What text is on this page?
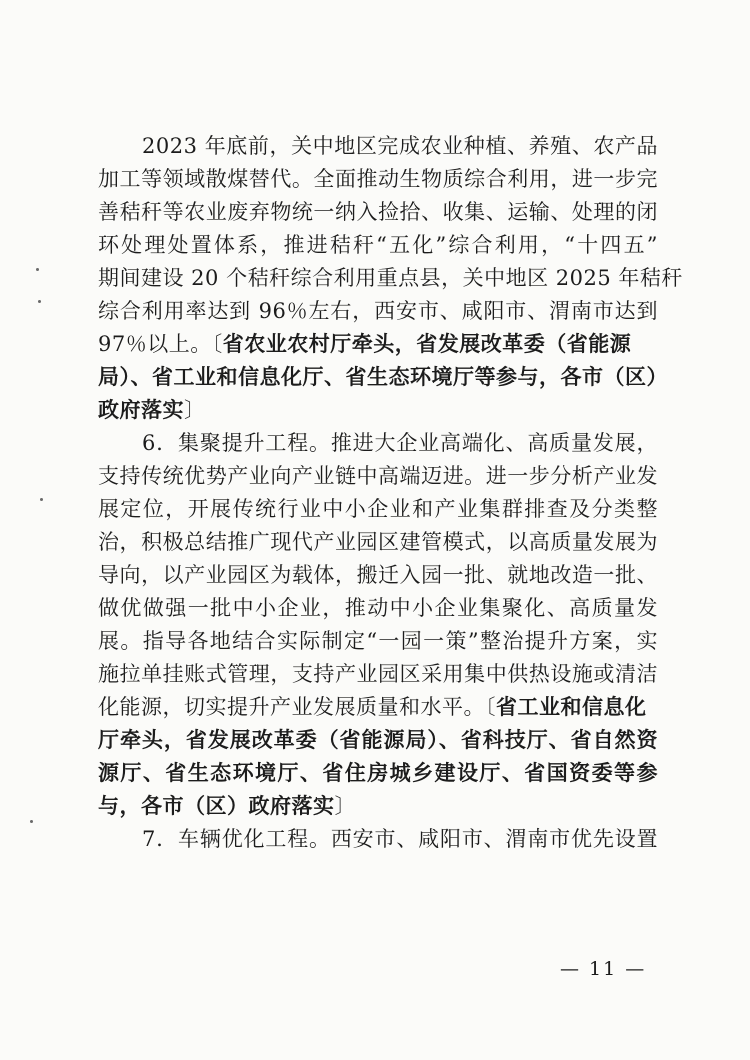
2023 年底前，关中地区完成农业种植、养殖、农产品
加工等领域散煤替代。全面推动生物质综合利用，进一步完
善秸秆等农业废弃物统一纳入捡拾、收集、运输、处理的闭
环处理处置体系，推进秸秆“五化”综合利用，“十四五”
期间建设 20 个秸秆综合利用重点县，关中地区 2025 年秸秆
综合利用率达到 96％左右，西安市、咸阳市、渭南市达到
97％以上。〔省农业农村厅牵头，省发展改革委（省能源
局）、省工业和信息化厅、省生态环境厅等参与，各市（区）
政府落实〕
6．集聚提升工程。推进大企业高端化、高质量发展，
支持传统优势产业向产业链中高端迈进。进一步分析产业发
展定位，开展传统行业中小企业和产业集群排查及分类整
治，积极总结推广现代产业园区建管模式，以高质量发展为
导向，以产业园区为载体，搬迁入园一批、就地改造一批、
做优做强一批中小企业，推动中小企业集聚化、高质量发
展。指导各地结合实际制定“一园一策”整治提升方案，实
施拉单挂账式管理，支持产业园区采用集中供热设施或清洁
化能源，切实提升产业发展质量和水平。〔省工业和信息化
厅牵头，省发展改革委（省能源局）、省科技厅、省自然资
源厅、省生态环境厅、省住房城乡建设厅、省国资委等参
与，各市（区）政府落实〕
7．车辆优化工程。西安市、咸阳市、渭南市优先设置
— 11 —
